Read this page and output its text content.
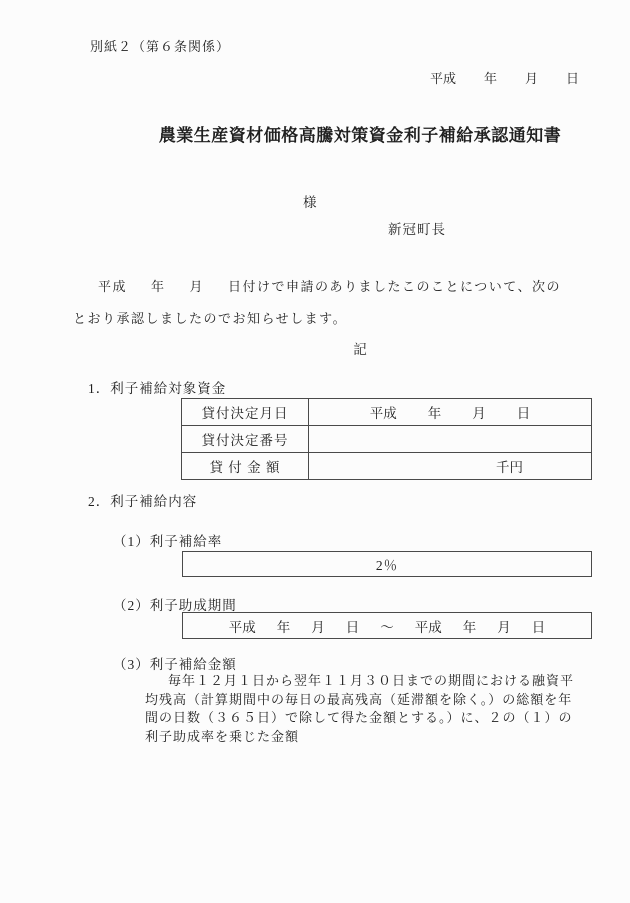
別紙２（第６条関係）
平成 年 月 日
農業生産資材価格高騰対策資金利子補給承認通知書
様
新冠町長
平成 年 月 日付けで申請のありましたこのことについて、次の
とおり承認しましたのでお知らせします。
記
1．利子補給対象資金
貸付決定月日	平成 年 月 日
貸付決定番号
貸 付 金 額	千円
2．利子補給内容
（1）利子補給率
2％
（2）利子助成期間
平成 年 月 日 ～ 平成 年 月 日
（3）利子補給金額
毎年１２月１日から翌年１１月３０日までの期間における融資平
均残高（計算期間中の毎日の最高残高（延滞額を除く。）の総額を年
間の日数（３６５日）で除して得た金額とする。）に、２の（１）の
利子助成率を乗じた金額
